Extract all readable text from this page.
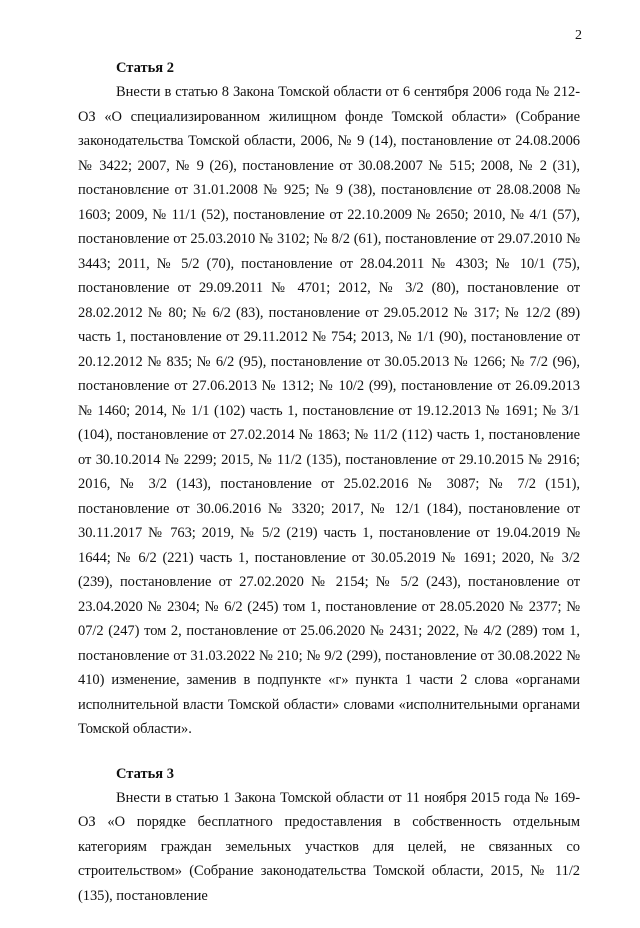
2
Статья 2

Внести в статью 8 Закона Томской области от 6 сентября 2006 года № 212-ОЗ «О специализированном жилищном фонде Томской области» (Собрание законодательства Томской области, 2006, № 9 (14), постановление от 24.08.2006 № 3422; 2007, № 9 (26), постановление от 30.08.2007 № 515; 2008, № 2 (31), постановлєние от 31.01.2008 № 925; № 9 (38), постановлєние от 28.08.2008 № 1603; 2009, № 11/1 (52), постановление от 22.10.2009 № 2650; 2010, № 4/1 (57), постановление от 25.03.2010 № 3102; № 8/2 (61), постановление от 29.07.2010 № 3443; 2011, № 5/2 (70), постановление от 28.04.2011 № 4303; № 10/1 (75), постановление от 29.09.2011 № 4701; 2012, № 3/2 (80), постановление от 28.02.2012 № 80; № 6/2 (83), постановление от 29.05.2012 № 317; № 12/2 (89) часть 1, постановление от 29.11.2012 № 754; 2013, № 1/1 (90), постановление от 20.12.2012 № 835; № 6/2 (95), постановление от 30.05.2013 № 1266; № 7/2 (96), постановление от 27.06.2013 № 1312; № 10/2 (99), постановление от 26.09.2013 № 1460; 2014, № 1/1 (102) часть 1, постановлєние от 19.12.2013 № 1691; № 3/1 (104), постановление от 27.02.2014 № 1863; № 11/2 (112) часть 1, постановление от 30.10.2014 № 2299; 2015, № 11/2 (135), постановление от 29.10.2015 № 2916; 2016, № 3/2 (143), постановление от 25.02.2016 № 3087; № 7/2 (151), постановление от 30.06.2016 № 3320; 2017, № 12/1 (184), постановление от 30.11.2017 № 763; 2019, № 5/2 (219) часть 1, постановление от 19.04.2019 № 1644; № 6/2 (221) часть 1, постановление от 30.05.2019 № 1691; 2020, № 3/2 (239), постановление от 27.02.2020 № 2154; № 5/2 (243), постановление от 23.04.2020 № 2304; № 6/2 (245) том 1, постановление от 28.05.2020 № 2377; № 07/2 (247) том 2, постановление от 25.06.2020 № 2431; 2022, № 4/2 (289) том 1, постановление от 31.03.2022 № 210; № 9/2 (299), постановление от 30.08.2022 № 410) изменение, заменив в подпункте «г» пункта 1 части 2 слова «органами исполнительной власти Томской области» словами «исполнительными органами Томской области».

Статья 3

Внести в статью 1 Закона Томской области от 11 ноября 2015 года № 169-ОЗ «О порядке бесплатного предоставления в собственность отдельным категориям граждан земельных участков для целей, не связанных со строительством» (Собрание законодательства Томской области, 2015, № 11/2 (135), постановление
